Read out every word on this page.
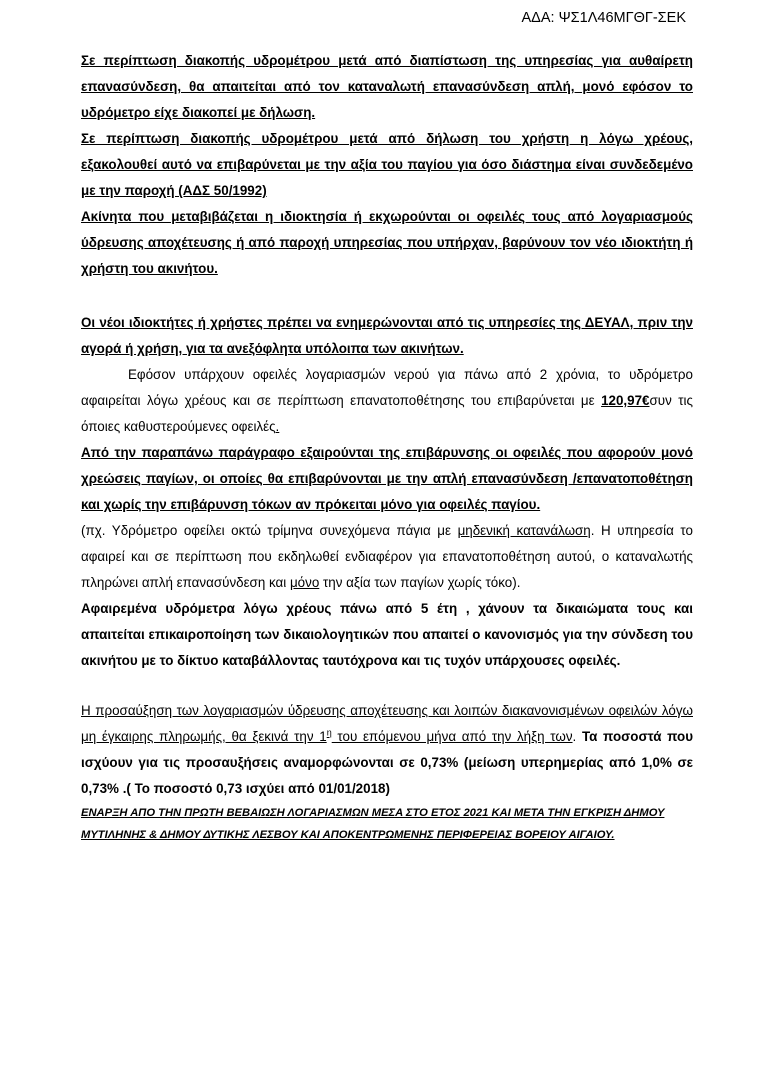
ΑΔΑ: ΨΣ1Λ46ΜΓΘΓ-ΣΕΚ

Σε περίπτωση διακοπής υδρομέτρου μετά από διαπίστωση της υπηρεσίας για αυθαίρετη επανασύνδεση, θα απαιτείται από τον καταναλωτή επανασύνδεση απλή, μονό εφόσον το υδρόμετρο είχε διακοπεί με δήλωση.

Σε περίπτωση διακοπής υδρομέτρου μετά από δήλωση του χρήστη η λόγω χρέους, εξακολουθεί αυτό να επιβαρύνεται με την αξία του παγίου για όσο διάστημα είναι συνδεδεμένο με την παροχή (ΑΔΣ 50/1992)

Ακίνητα που μεταβιβάζεται η ιδιοκτησία ή εκχωρούνται οι οφειλές τους από λογαριασμούς ύδρευσης αποχέτευσης ή από παροχή υπηρεσίας που υπήρχαν, βαρύνουν τον νέο ιδιοκτήτη ή χρήστη του ακινήτου.

Οι νέοι ιδιοκτήτες ή χρήστες πρέπει να ενημερώνονται από τις υπηρεσίες της ΔΕΥΑΛ, πριν την αγορά ή χρήση, για τα ανεξόφλητα υπόλοιπα των ακινήτων.

Εφόσον υπάρχουν οφειλές λογαριασμών νερού για πάνω από 2 χρόνια, το υδρόμετρο αφαιρείται λόγω χρέους και σε περίπτωση επανατοποθέτησης του επιβαρύνεται με 120,97€συν τις όποιες καθυστερούμενες οφειλές.

Από την παραπάνω παράγραφο εξαιρούνται της επιβάρυνσης οι οφειλές που αφορούν μονό χρεώσεις παγίων, οι οποίες θα επιβαρύνονται με την απλή επανασύνδεση /επανατοποθέτηση και χωρίς την επιβάρυνση τόκων αν πρόκειται μόνο για οφειλές παγίου.

(πχ. Υδρόμετρο οφείλει οκτώ τρίμηνα συνεχόμενα πάγια με μηδενική κατανάλωση. Η υπηρεσία το αφαιρεί και σε περίπτωση που εκδηλωθεί ενδιαφέρον για επανατοποθέτηση αυτού, ο καταναλωτής πληρώνει απλή επανασύνδεση και μόνο την αξία των παγίων χωρίς τόκο).

Αφαιρεμένα υδρόμετρα λόγω χρέους πάνω από 5 έτη , χάνουν τα δικαιώματα τους και απαιτείται επικαιροποίηση των δικαιολογητικών που απαιτεί ο κανονισμός για την σύνδεση του ακινήτου με το δίκτυο καταβάλλοντας ταυτόχρονα και τις τυχόν υπάρχουσες οφειλές.

Η προσαύξηση των λογαριασμών ύδρευσης αποχέτευσης και λοιπών διακανονισμένων οφειλών λόγω μη έγκαιρης πληρωμής, θα ξεκινά την $1^\eta$ του επόμενου μήνα από την λήξη των. Τα ποσοστά που ισχύουν για τις προσαυξήσεις αναμορφώνονται σε 0,73% (μείωση υπερημερίας από 1,0% σε 0,73% .( Το ποσοστό 0,73 ισχύει από 01/01/2018)

ΕΝΑΡΞΗ ΑΠΟ ΤΗΝ ΠΡΩΤΗ ΒΕΒΑΙΩΣΗ ΛΟΓΑΡΙΑΣΜΩΝ ΜΕΣΑ ΣΤΟ ΕΤΟΣ 2021 ΚΑΙ ΜΕΤΑ ΤΗΝ ΕΓΚΡΙΣΗ ΔΗΜΟΥ ΜΥΤΙΛΗΝΗΣ & ΔΗΜΟΥ ΔΥΤΙΚΗΣ ΛΕΣΒΟΥ ΚΑΙ ΑΠΟΚΕΝΤΡΩΜΕΝΗΣ ΠΕΡΙΦΕΡΕΙΑΣ ΒΟΡΕΙΟΥ ΑΙΓΑΙΟΥ.
